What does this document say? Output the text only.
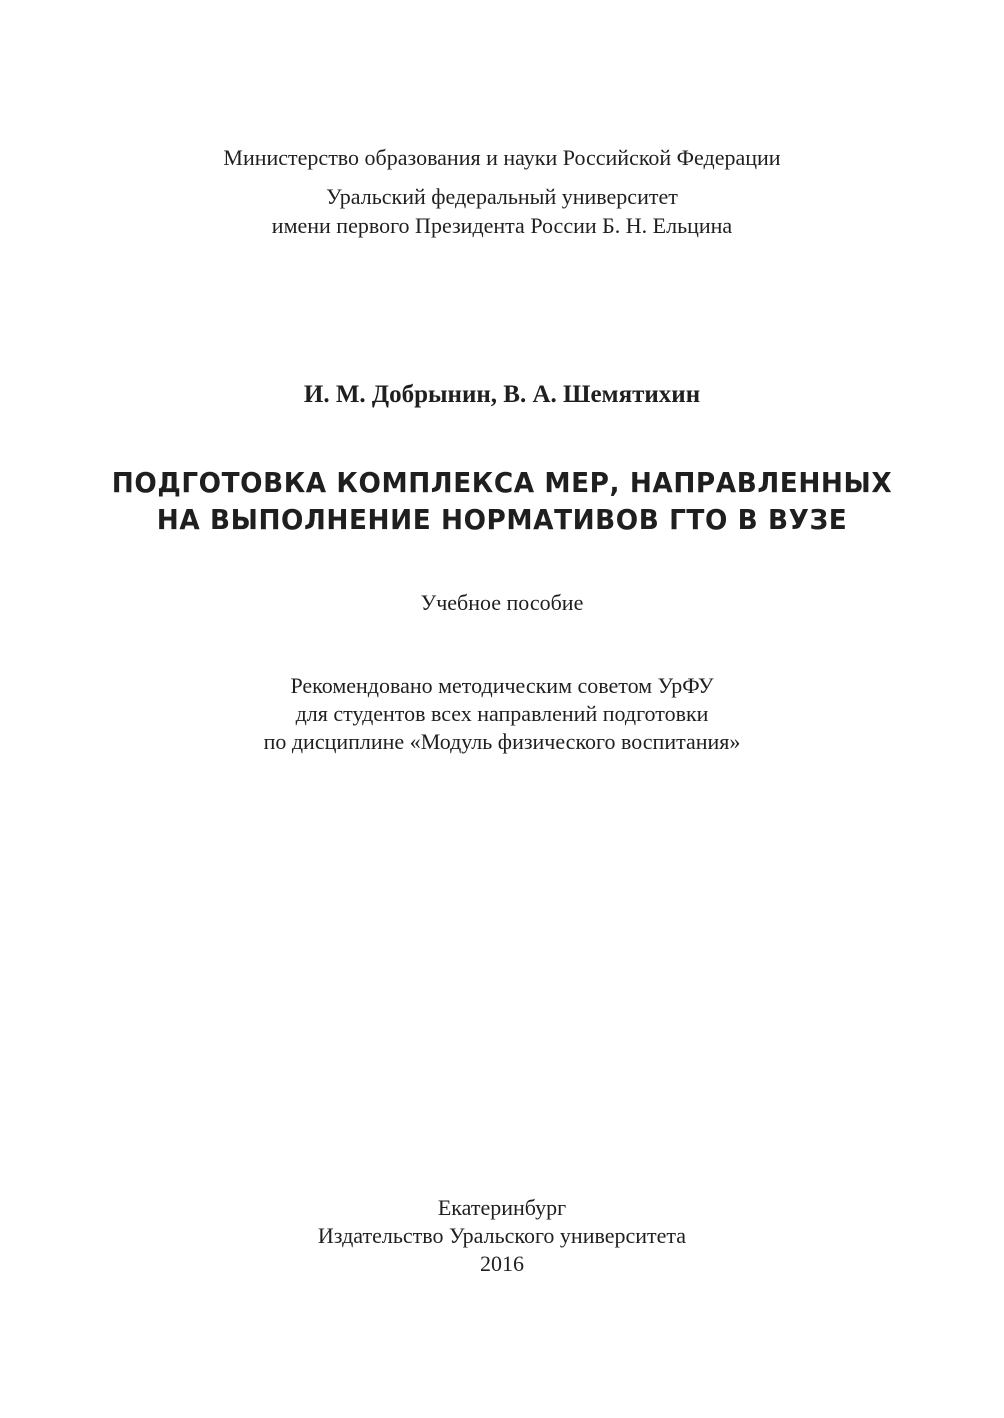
Министерство образования и науки Российской Федерации
Уральский федеральный университет
имени первого Президента России Б. Н. Ельцина
И. М. Добрынин, В. А. Шемятихин
ПОДГОТОВКА КОМПЛЕКСА МЕР, НАПРАВЛЕННЫХ
НА ВЫПОЛНЕНИЕ НОРМАТИВОВ ГТО В ВУЗЕ
Учебное пособие
Рекомендовано методическим советом УрФУ
для студентов всех направлений подготовки
по дисциплине «Модуль физического воспитания»
Екатеринбург
Издательство Уральского университета
2016
